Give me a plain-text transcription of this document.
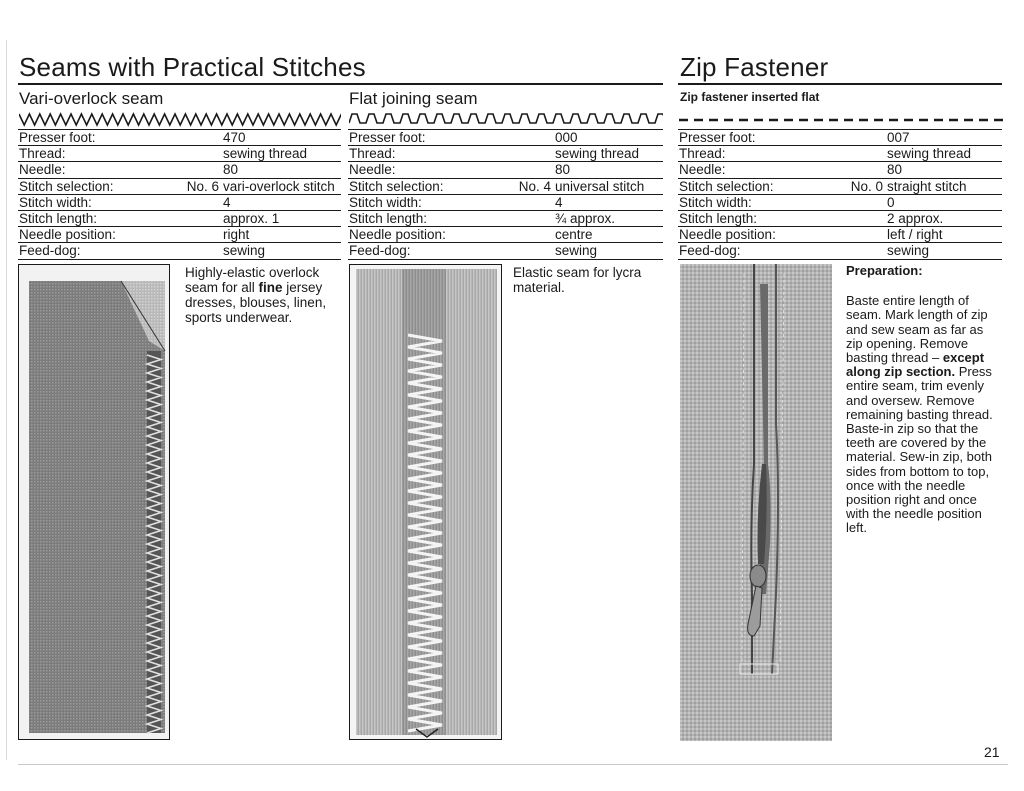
Seams with Practical Stitches	Zip Fastener
Vari-overlock seam
Presser foot:		470
Thread:		sewing thread
Needle:		80
Stitch selection:	No. 6	vari-overlock stitch
Stitch width:		4
Stitch length:		approx. 1
Needle position:		right
Feed-dog:		sewing
Highly-elastic overlock seam for all fine jersey dresses, blouses, linen, sports underwear.
Flat joining seam
Presser foot:		000
Thread:		sewing thread
Needle:		80
Stitch selection:	No. 4	universal stitch
Stitch width:		4
Stitch length:		¾ approx.
Needle position:		centre
Feed-dog:		sewing
Elastic seam for lycra material.
Zip fastener inserted flat
Presser foot:		007
Thread:		sewing thread
Needle:		80
Stitch selection:	No. 0	straight stitch
Stitch width:		0
Stitch length:		2 approx.
Needle position:		left / right
Feed-dog:		sewing
Preparation:
Baste entire length of seam. Mark length of zip and sew seam as far as zip opening. Remove basting thread – except along zip section. Press entire seam, trim evenly and oversew. Remove remaining basting thread. Baste-in zip so that the teeth are covered by the material. Sew-in zip, both sides from bottom to top, once with the needle position right and once with the needle position left.
21
